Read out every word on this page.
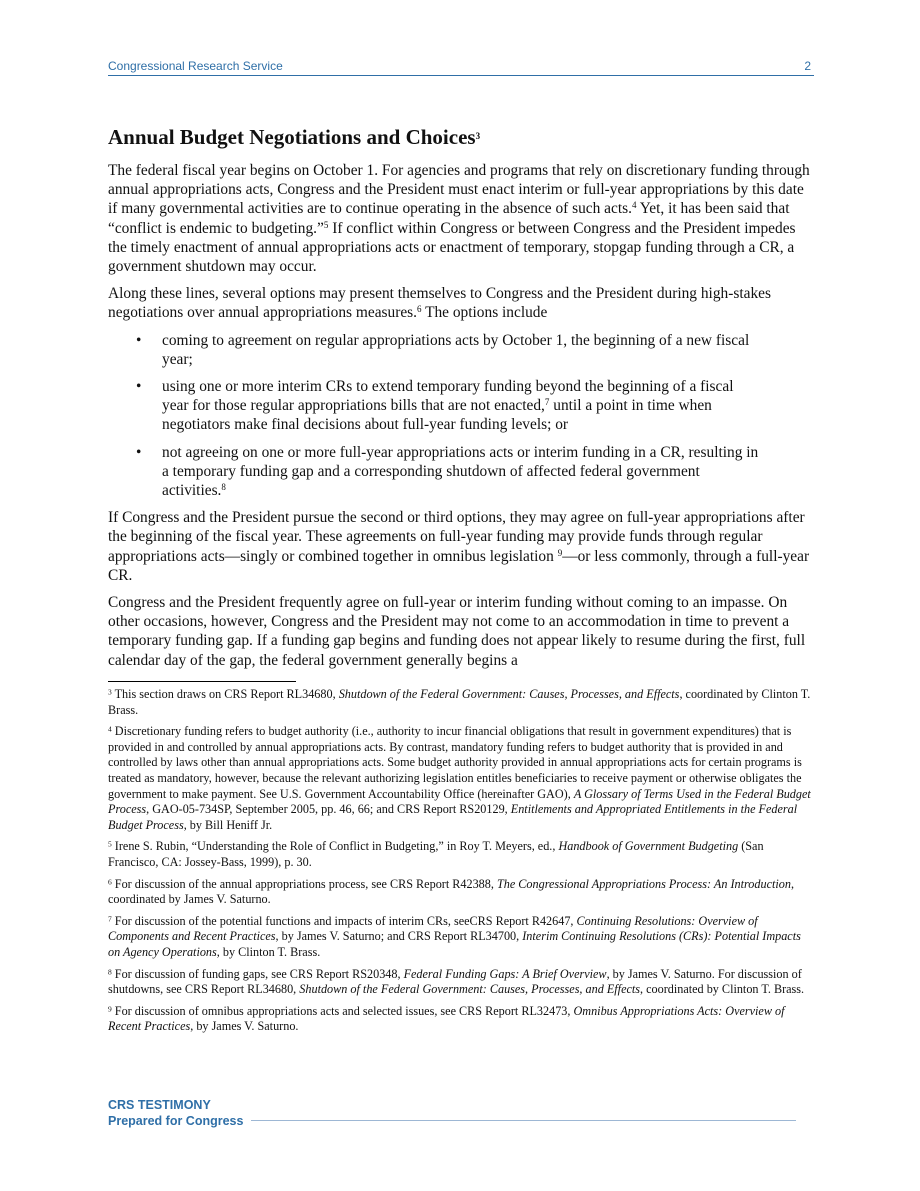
Congressional Research Service	2
Annual Budget Negotiations and Choices$^3$

The federal fiscal year begins on October 1. For agencies and programs that rely on discretionary funding through annual appropriations acts, Congress and the President must enact interim or full-year appropriations by this date if many governmental activities are to continue operating in the absence of such acts.$^4$ Yet, it has been said that “conflict is endemic to budgeting.”$^5$ If conflict within Congress or between Congress and the President impedes the timely enactment of annual appropriations acts or enactment of temporary, stopgap funding through a CR, a government shutdown may occur.

Along these lines, several options may present themselves to Congress and the President during high-stakes negotiations over annual appropriations measures.$^6$ The options include

• coming to agreement on regular appropriations acts by October 1, the beginning of a new fiscal year;
• using one or more interim CRs to extend temporary funding beyond the beginning of a fiscal year for those regular appropriations bills that are not enacted,$^7$ until a point in time when negotiators make final decisions about full-year funding levels; or
• not agreeing on one or more full-year appropriations acts or interim funding in a CR, resulting in a temporary funding gap and a corresponding shutdown of affected federal government activities.$^8$

If Congress and the President pursue the second or third options, they may agree on full-year appropriations after the beginning of the fiscal year. These agreements on full-year funding may provide funds through regular appropriations acts—singly or combined together in omnibus legislation $^9$—or less commonly, through a full-year CR.

Congress and the President frequently agree on full-year or interim funding without coming to an impasse. On other occasions, however, Congress and the President may not come to an accommodation in time to prevent a temporary funding gap. If a funding gap begins and funding does not appear likely to resume during the first, full calendar day of the gap, the federal government generally begins a

$^3$ This section draws on CRS Report RL34680, Shutdown of the Federal Government: Causes, Processes, and Effects, coordinated by Clinton T. Brass.

$^4$ Discretionary funding refers to budget authority (i.e., authority to incur financial obligations that result in government expenditures) that is provided in and controlled by annual appropriations acts. By contrast, mandatory funding refers to budget authority that is provided in and controlled by laws other than annual appropriations acts. Some budget authority provided in annual appropriations acts for certain programs is treated as mandatory, however, because the relevant authorizing legislation entitles beneficiaries to receive payment or otherwise obligates the government to make payment. See U.S. Government Accountability Office (hereinafter GAO), A Glossary of Terms Used in the Federal Budget Process, GAO-05-734SP, September 2005, pp. 46, 66; and CRS Report RS20129, Entitlements and Appropriated Entitlements in the Federal Budget Process, by Bill Heniff Jr.

$^5$ Irene S. Rubin, “Understanding the Role of Conflict in Budgeting,” in Roy T. Meyers, ed., Handbook of Government Budgeting (San Francisco, CA: Jossey-Bass, 1999), p. 30.

$^6$ For discussion of the annual appropriations process, see CRS Report R42388, The Congressional Appropriations Process: An Introduction, coordinated by James V. Saturno.

$^7$ For discussion of the potential functions and impacts of interim CRs, seeCRS Report R42647, Continuing Resolutions: Overview of Components and Recent Practices, by James V. Saturno; and CRS Report RL34700, Interim Continuing Resolutions (CRs): Potential Impacts on Agency Operations, by Clinton T. Brass.

$^8$ For discussion of funding gaps, see CRS Report RS20348, Federal Funding Gaps: A Brief Overview, by James V. Saturno. For discussion of shutdowns, see CRS Report RL34680, Shutdown of the Federal Government: Causes, Processes, and Effects, coordinated by Clinton T. Brass.

$^9$ For discussion of omnibus appropriations acts and selected issues, see CRS Report RL32473, Omnibus Appropriations Acts: Overview of Recent Practices, by James V. Saturno.

CRS TESTIMONY
Prepared for Congress
